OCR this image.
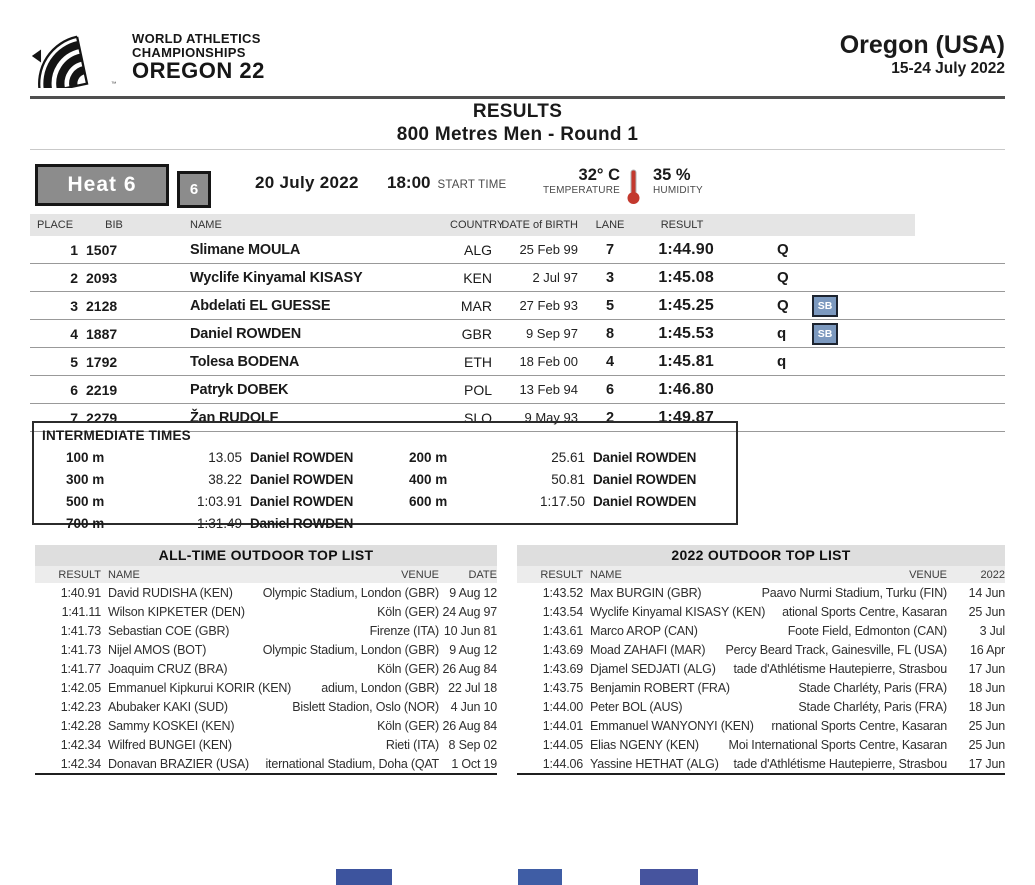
™
WORLD ATHLETICS
CHAMPIONSHIPS
OREGON 22
Oregon (USA)
15-24 July 2022
RESULTS
800 Metres Men - Round 1
Heat 6	6	20 July 2022 18:00 START TIME
32° C
TEMPERATURE
35 %
HUMIDITY
PLACE	BIB	NAME	COUNTRY
DATE of BIRTH	LANE	RESULT
1 1507	Slimane MOULA	ALG	25 Feb 99	7	1:44.90	Q
2 2093	Wyclife Kinyamal KISASY	KEN	2 Jul 97	3	1:45.08	Q
3 2128	Abdelati EL GUESSE	MAR	27 Feb 93	5	1:45.25	Q	SB
4 1887	Daniel ROWDEN	GBR	9 Sep 97	8	1:45.53	q	SB
5 1792	Tolesa BODENA	ETH	18 Feb 00	4	1:45.81	q
6 2219	Patryk DOBEK	POL	13 Feb 94	6	1:46.80
7 2279	Žan RUDOLF	SLO	9 May 93	2	1:49.87
INTERMEDIATE TIMES
100 m	13.05 Daniel ROWDEN	200 m	25.61 Daniel ROWDEN
300 m	38.22 Daniel ROWDEN	400 m	50.81 Daniel ROWDEN
500 m	1:03.91 Daniel ROWDEN	600 m	1:17.50 Daniel ROWDEN
700 m	1:31.49 Daniel ROWDEN
ALL-TIME OUTDOOR TOP LIST
RESULT NAME	VENUE	DATE
1:40.91 David RUDISHA (KEN)	Olympic Stadium, London (GBR) 9 Aug 12
1:41.11 Wilson KIPKETER (DEN)	Köln (GER) 24 Aug 97
1:41.73 Sebastian COE (GBR)	Firenze (ITA) 10 Jun 81
1:41.73 Nijel AMOS (BOT)	Olympic Stadium, London (GBR) 9 Aug 12
1:41.77 Joaquim CRUZ (BRA)	Köln (GER) 26 Aug 84
1:42.05 Emmanuel Kipkurui KORIR (KEN)	adium, London (GBR) 22 Jul 18
1:42.23 Abubaker KAKI (SUD)	Bislett Stadion, Oslo (NOR) 4 Jun 10
1:42.28 Sammy KOSKEI (KEN)	Köln (GER) 26 Aug 84
1:42.34 Wilfred BUNGEI (KEN)	Rieti (ITA) 8 Sep 02
1:42.34 Donavan BRAZIER (USA)	iternational Stadium, Doha (QAT 1 Oct 19
2022 OUTDOOR TOP LIST
RESULT NAME	VENUE	2022
1:43.52 Max BURGIN (GBR)	Paavo Nurmi Stadium, Turku (FIN)	14 Jun
1:43.54 Wyclife Kinyamal KISASY (KEN)	ational Sports Centre, Kasaran	25 Jun
1:43.61 Marco AROP (CAN)	Foote Field, Edmonton (CAN)	3 Jul
1:43.69 Moad ZAHAFI (MAR)	Percy Beard Track, Gainesville, FL (USA)	16 Apr
1:43.69 Djamel SEDJATI (ALG)	tade d'Athlétisme Hautepierre, Strasbou	17 Jun
1:43.75 Benjamin ROBERT (FRA)	Stade Charléty, Paris (FRA)	18 Jun
1:44.00 Peter BOL (AUS)	Stade Charléty, Paris (FRA)	18 Jun
1:44.01 Emmanuel WANYONYI (KEN)	rnational Sports Centre, Kasaran	25 Jun
1:44.05 Elias NGENY (KEN)	Moi International Sports Centre, Kasaran	25 Jun
1:44.06 Yassine HETHAT (ALG)	tade d'Athlétisme Hautepierre, Strasbou	17 Jun
